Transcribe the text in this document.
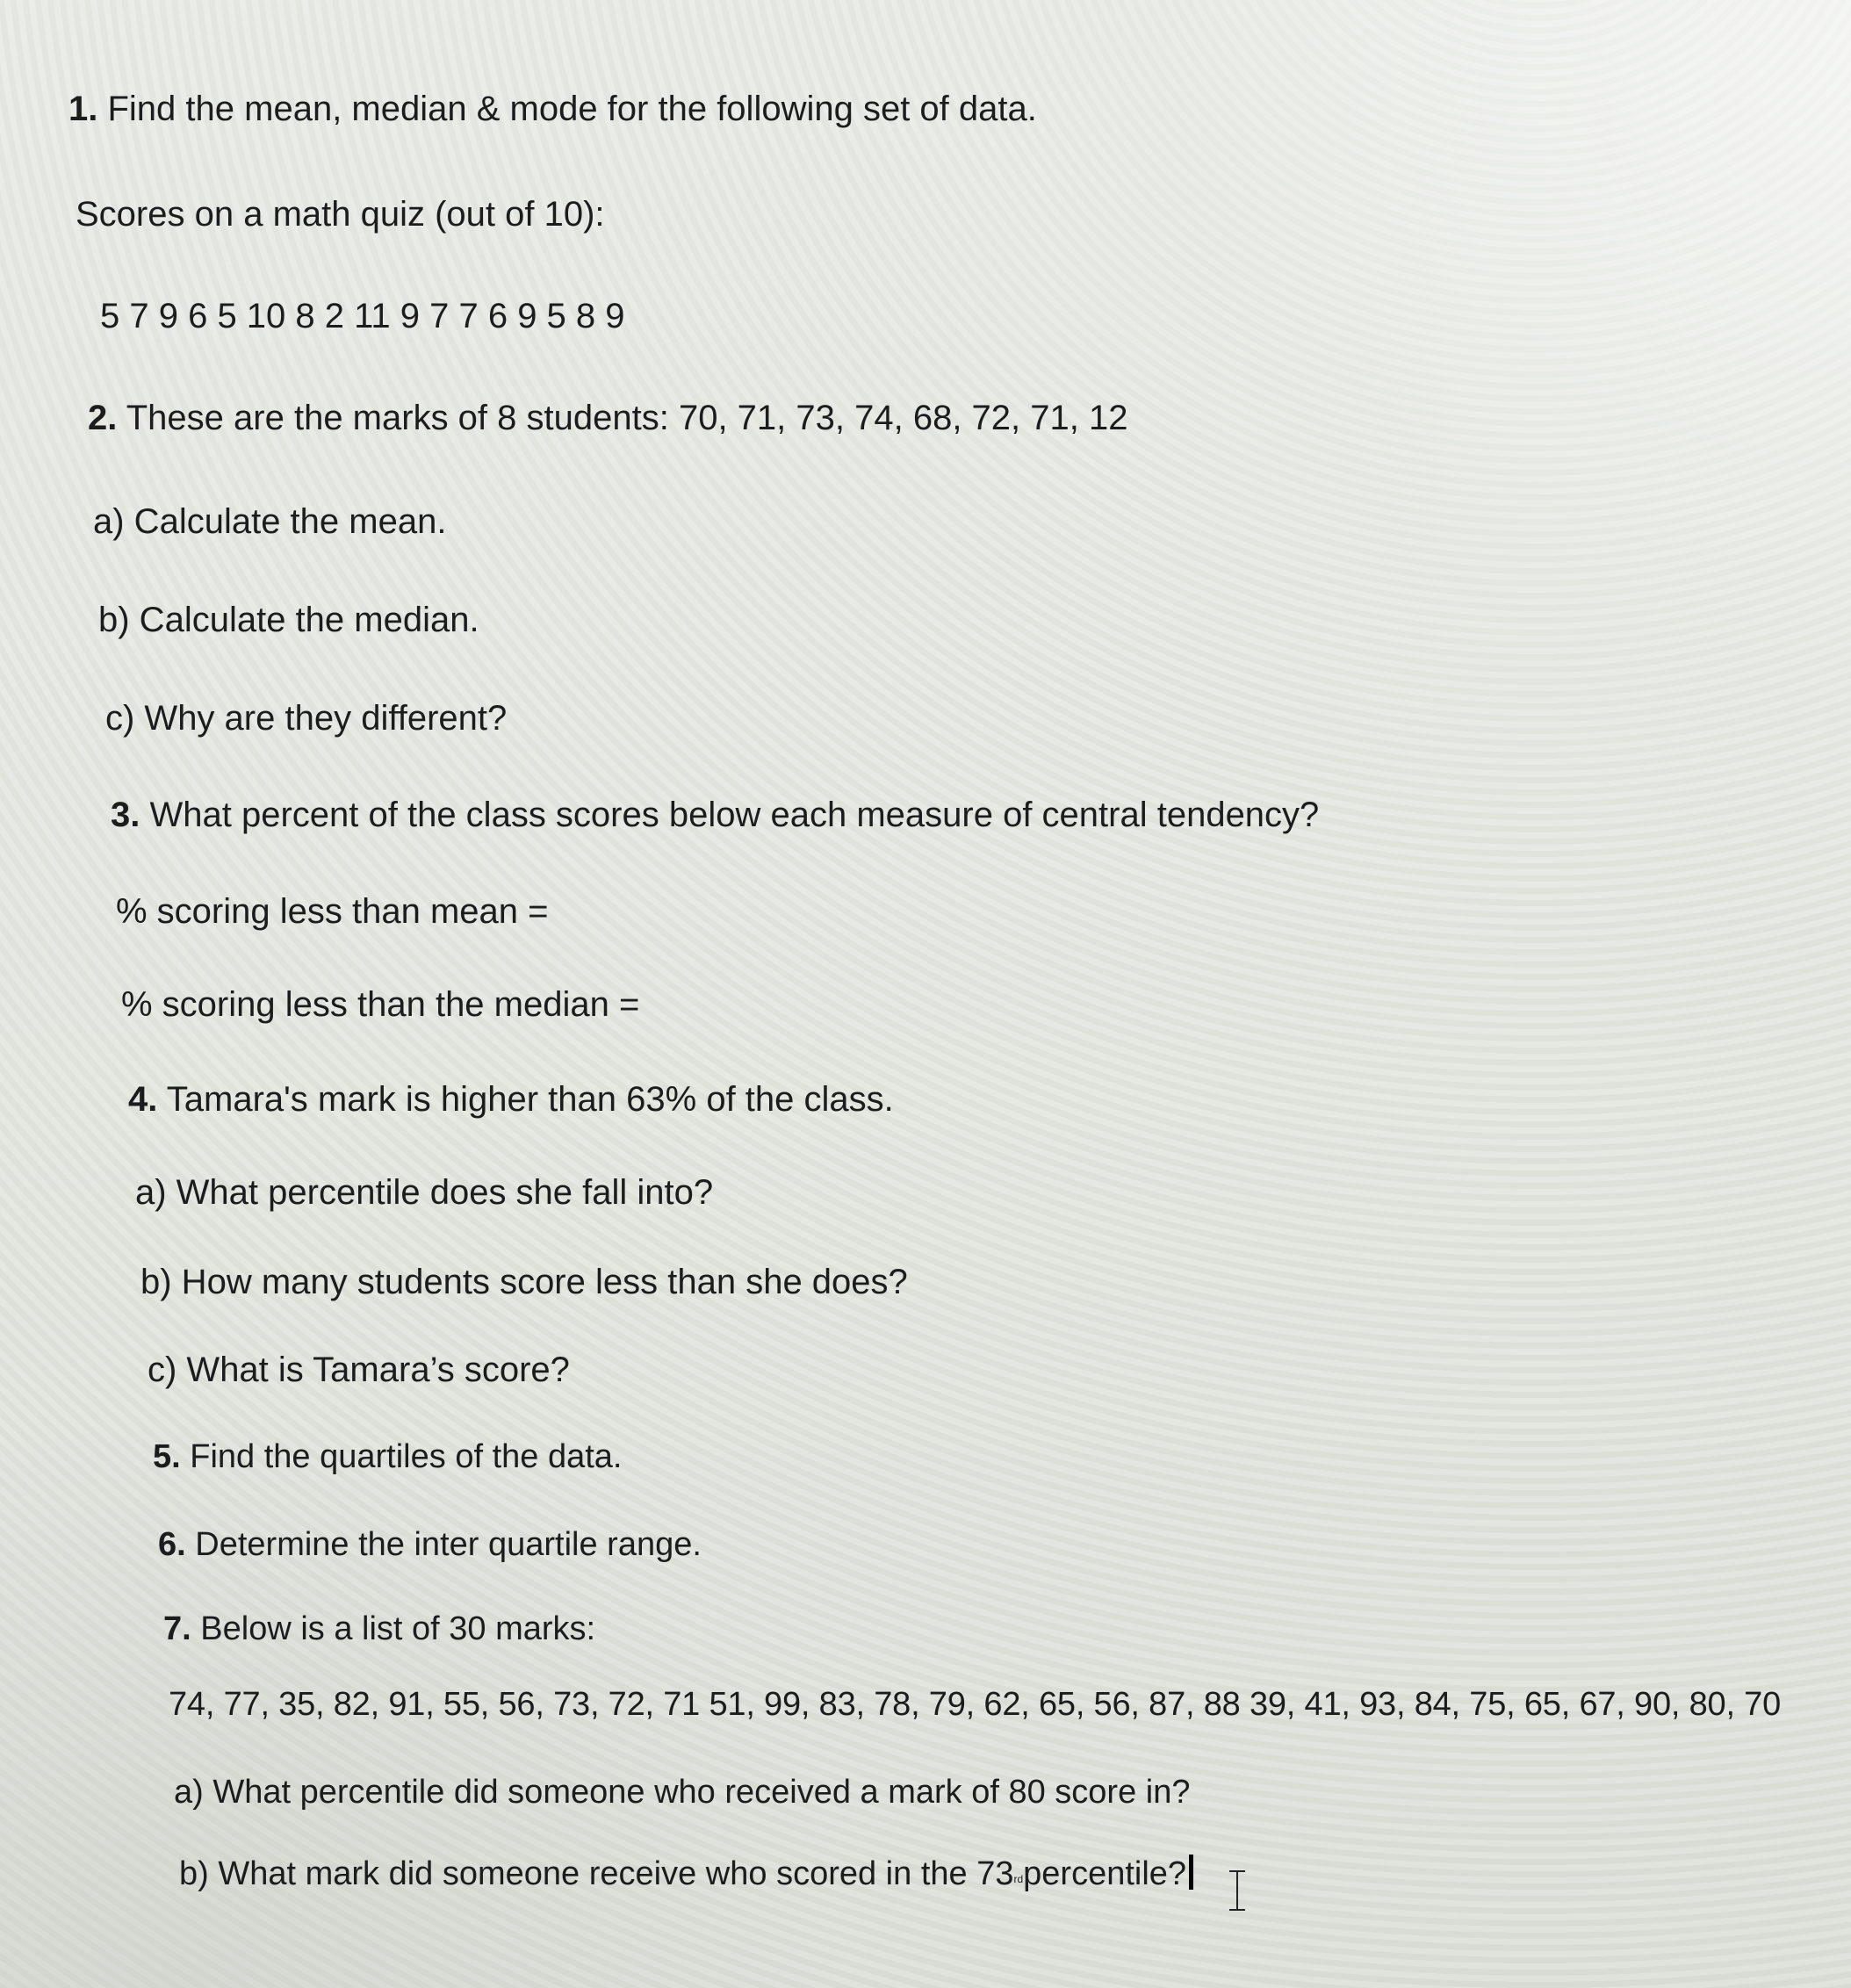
1. Find the mean, median & mode for the following set of data.
Scores on a math quiz (out of 10):
5 7 9 6 5 10 8 2 11 9 7 7 6 9 5 8 9
2. These are the marks of 8 students: 70, 71, 73, 74, 68, 72, 71, 12
a) Calculate the mean.
b) Calculate the median.
c) Why are they different?
3. What percent of the class scores below each measure of central tendency?
% scoring less than mean =
% scoring less than the median =
4. Tamara's mark is higher than 63% of the class.
a) What percentile does she fall into?
b) How many students score less than she does?
c) What is Tamara’s score?
5. Find the quartiles of the data.
6. Determine the inter quartile range.
7. Below is a list of 30 marks:
74, 77, 35, 82, 91, 55, 56, 73, 72, 71 51, 99, 83, 78, 79, 62, 65, 56, 87, 88 39, 41, 93, 84, 75, 65, 67, 90, 80, 70
a) What percentile did someone who received a mark of 80 score in?
b) What mark did someone receive who scored in the 73rdpercentile?
